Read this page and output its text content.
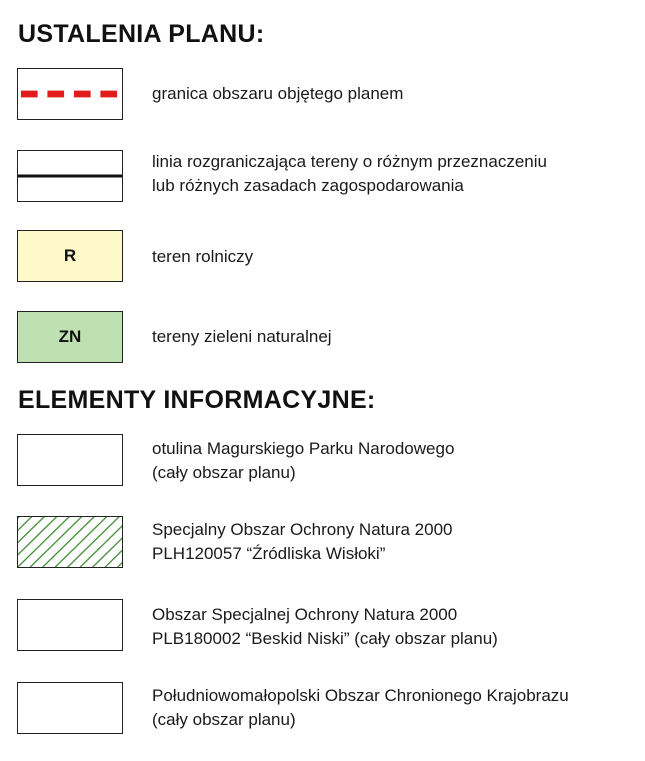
USTALENIA PLANU:
granica obszaru objętego planem
linia rozgraniczająca tereny o różnym przeznaczeniu
lub różnych zasadach zagospodarowania
R	teren rolniczy
ZN	tereny zieleni naturalnej
ELEMENTY INFORMACYJNE:
otulina Magurskiego Parku Narodowego
(cały obszar planu)
Specjalny Obszar Ochrony Natura 2000
PLH120057 “Źródliska Wisłoki”
Obszar Specjalnej Ochrony Natura 2000
PLB180002 “Beskid Niski” (cały obszar planu)
Południowomałopolski Obszar Chronionego Krajobrazu
(cały obszar planu)
